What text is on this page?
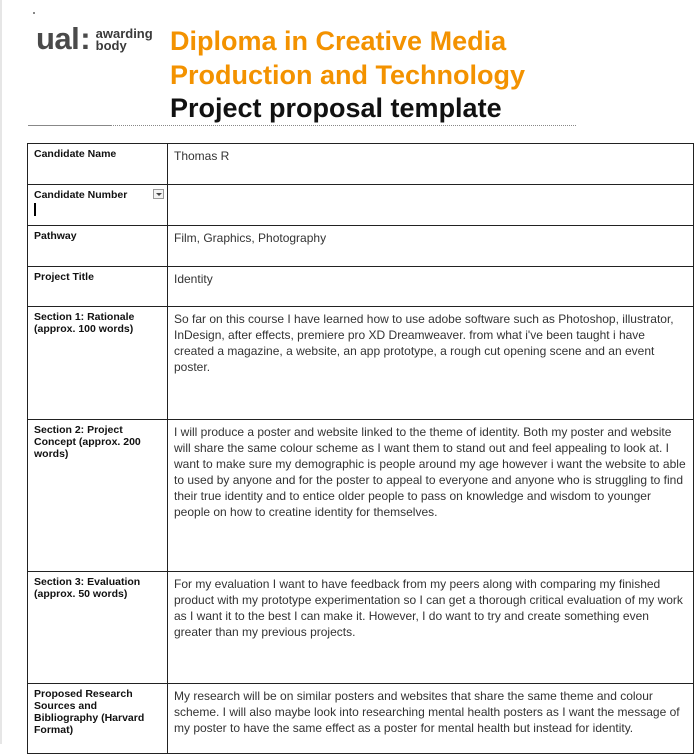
ual : awarding
body	Diploma in Creative Media
Production and Technology
Project proposal template
Candidate Name	Thomas R
Candidate Number

Pathway	Film, Graphics, Photography
Project Title	Identity
Section 1: Rationale (approx. 100 words)	So far on this course I have learned how to use adobe software such as Photoshop, illustrator, InDesign, after effects, premiere pro XD Dreamweaver. from what i've been taught i have created a magazine, a website, an app prototype, a rough cut opening scene and an event poster.
Section 2: Project Concept (approx. 200 words)	I will produce a poster and website linked to the theme of identity. Both my poster and website will share the same colour scheme as I want them to stand out and feel appealing to look at. I want to make sure my demographic is people around my age however i want the website to able to used by anyone and for the poster to appeal to everyone and anyone who is struggling to find their true identity and to entice older people to pass on knowledge and wisdom to younger people on how to creatine identity for themselves.
Section 3: Evaluation (approx. 50 words)	For my evaluation I want to have feedback from my peers along with comparing my finished product with my prototype experimentation so I can get a thorough critical evaluation of my work as I want it to the best I can make it. However, I do want to try and create something even greater than my previous projects.
Proposed Research Sources and Bibliography (Harvard Format)	My research will be on similar posters and websites that share the same theme and colour scheme. I will also maybe look into researching mental health posters as I want the message of my poster to have the same effect as a poster for mental health but instead for identity.
